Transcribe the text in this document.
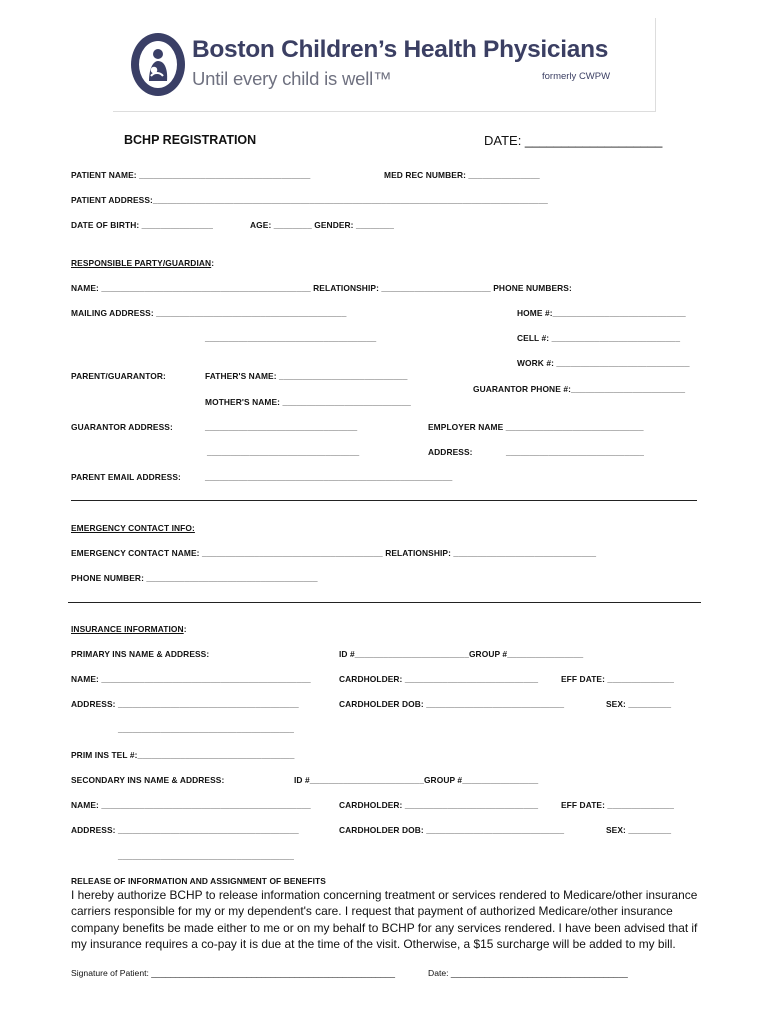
Boston Children’s Health Physicians
Until every child is well™	formerly CWPW
BCHP REGISTRATION	DATE: ___________________
PATIENT NAME: ____________________________________	MED REC NUMBER: _______________
PATIENT ADDRESS:___________________________________________________________________________________
DATE OF BIRTH: _______________	AGE: ________ GENDER: ________
RESPONSIBLE PARTY/GUARDIAN:
NAME: ____________________________________________ RELATIONSHIP: _______________________ PHONE NUMBERS:
MAILING ADDRESS: ________________________________________
____________________________________
HOME #:____________________________
CELL #: ___________________________
WORK #: ____________________________
PARENT/GUARANTOR:	FATHER'S NAME: ___________________________
GUARANTOR PHONE #:________________________
MOTHER'S NAME: ___________________________
GUARANTOR ADDRESS:	________________________________
________________________________
EMPLOYER NAME _____________________________
ADDRESS:	_____________________________
PARENT EMAIL ADDRESS:	____________________________________________________
EMERGENCY CONTACT INFO:
EMERGENCY CONTACT NAME: ______________________________________ RELATIONSHIP: ______________________________
PHONE NUMBER: ____________________________________
INSURANCE INFORMATION:
PRIMARY INS NAME & ADDRESS:	ID #________________________GROUP #________________
NAME: ____________________________________________	CARDHOLDER: ____________________________	EFF DATE: ______________
ADDRESS: ______________________________________	CARDHOLDER DOB: _____________________________	SEX: _________
_____________________________________
PRIM INS TEL #:_________________________________
SECONDARY INS NAME & ADDRESS:	ID #________________________GROUP #________________
NAME: ____________________________________________	CARDHOLDER: ____________________________	EFF DATE: ______________
ADDRESS: ______________________________________	CARDHOLDER DOB: _____________________________	SEX: _________
_____________________________________
RELEASE OF INFORMATION AND ASSIGNMENT OF BENEFITS
I hereby authorize BCHP to release information concerning treatment or services rendered to Medicare/other insurance carriers responsible for my or my dependent's care. I request that payment of authorized Medicare/other insurance company benefits be made either to me or on my behalf to BCHP for any services rendered. I have been advised that if my insurance requires a co-pay it is due at the time of the visit. Otherwise, a $15 surcharge will be added to my bill.
Signature of Patient: ___________________________________________________	Date: _____________________________________
